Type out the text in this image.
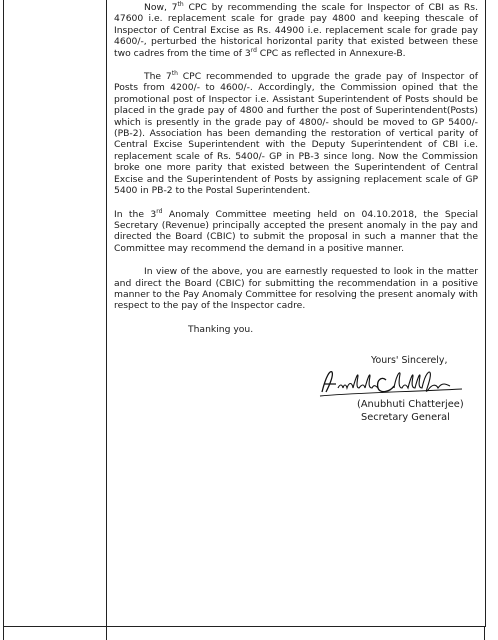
Now, 7th CPC by recommending the scale for Inspector of CBI as Rs. 47600 i.e. replacement scale for grade pay 4800 and keeping thescale of Inspector of Central Excise as Rs. 44900 i.e. replacement scale for grade pay 4600/-, perturbed the historical horizontal parity that existed between these two cadres from the time of 3rd CPC as reflected in Annexure-B.

The 7th CPC recommended to upgrade the grade pay of Inspector of Posts from 4200/- to 4600/-. Accordingly, the Commission opined that the promotional post of Inspector i.e. Assistant Superintendent of Posts should be placed in the grade pay of 4800 and further the post of Superintendent(Posts) which is presently in the grade pay of 4800/- should be moved to GP 5400/- (PB-2). Association has been demanding the restoration of vertical parity of Central Excise Superintendent with the Deputy Superintendent of CBI i.e. replacement scale of Rs. 5400/- GP in PB-3 since long. Now the Commission broke one more parity that existed between the Superintendent of Central Excise and the Superintendent of Posts by assigning replacement scale of GP 5400 in PB-2 to the Postal Superintendent.

In the 3rd Anomaly Committee meeting held on 04.10.2018, the Special Secretary (Revenue) principally accepted the present anomaly in the pay and directed the Board (CBIC) to submit the proposal in such a manner that the Committee may recommend the demand in a positive manner.

In view of the above, you are earnestly requested to look in the matter and direct the Board (CBIC) for submitting the recommendation in a positive manner to the Pay Anomaly Committee for resolving the present anomaly with respect to the pay of the Inspector cadre.

Thanking you.
Yours' Sincerely,
(Anubhuti Chatterjee)
Secretary General
